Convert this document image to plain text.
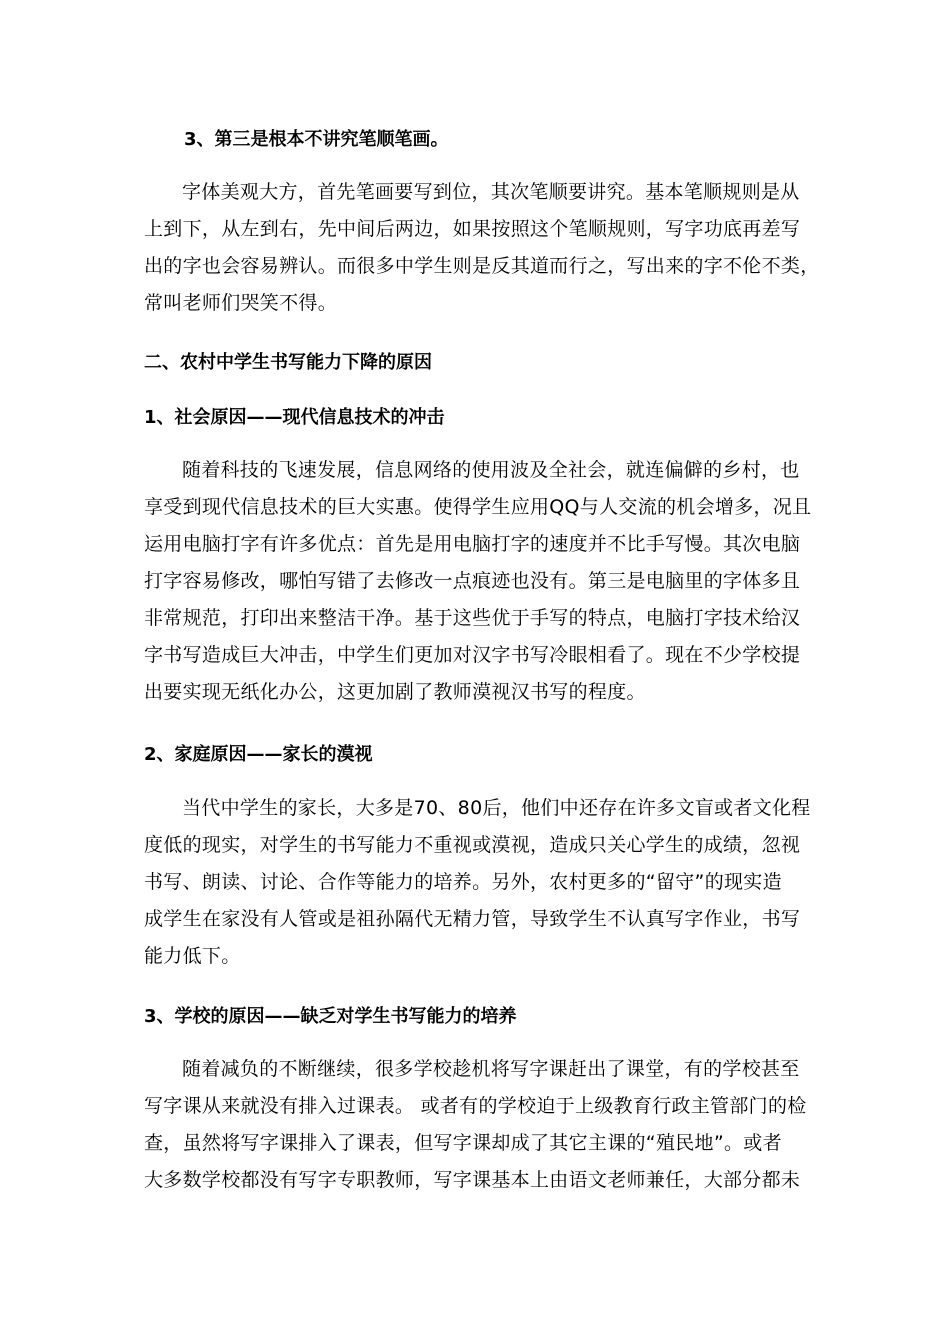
3、第三是根本不讲究笔顺笔画。
字体美观大方，首先笔画要写到位，其次笔顺要讲究。基本笔顺规则是从
上到下，从左到右，先中间后两边，如果按照这个笔顺规则，写字功底再差写
出的字也会容易辨认。而很多中学生则是反其道而行之，写出来的字不伦不类，
常叫老师们哭笑不得。
二、农村中学生书写能力下降的原因
1、社会原因——现代信息技术的冲击
随着科技的飞速发展，信息网络的使用波及全社会，就连偏僻的乡村，也
享受到现代信息技术的巨大实惠。使得学生应用QQ与人交流的机会增多，况且
运用电脑打字有许多优点：首先是用电脑打字的速度并不比手写慢。其次电脑
打字容易修改，哪怕写错了去修改一点痕迹也没有。第三是电脑里的字体多且
非常规范，打印出来整洁干净。基于这些优于手写的特点，电脑打字技术给汉
字书写造成巨大冲击，中学生们更加对汉字书写冷眼相看了。现在不少学校提
出要实现无纸化办公，这更加剧了教师漠视汉书写的程度。
2、家庭原因——家长的漠视
当代中学生的家长，大多是70、80后，他们中还存在许多文盲或者文化程
度低的现实，对学生的书写能力不重视或漠视，造成只关心学生的成绩，忽视
书写、朗读、讨论、合作等能力的培养。另外，农村更多的“留守”的现实造
成学生在家没有人管或是祖孙隔代无精力管，导致学生不认真写字作业，书写
能力低下。
3、学校的原因——缺乏对学生书写能力的培养
随着减负的不断继续，很多学校趁机将写字课赶出了课堂，有的学校甚至
写字课从来就没有排入过课表。 或者有的学校迫于上级教育行政主管部门的检
查，虽然将写字课排入了课表，但写字课却成了其它主课的“殖民地”。或者
大多数学校都没有写字专职教师，写字课基本上由语文老师兼任，大部分都未
